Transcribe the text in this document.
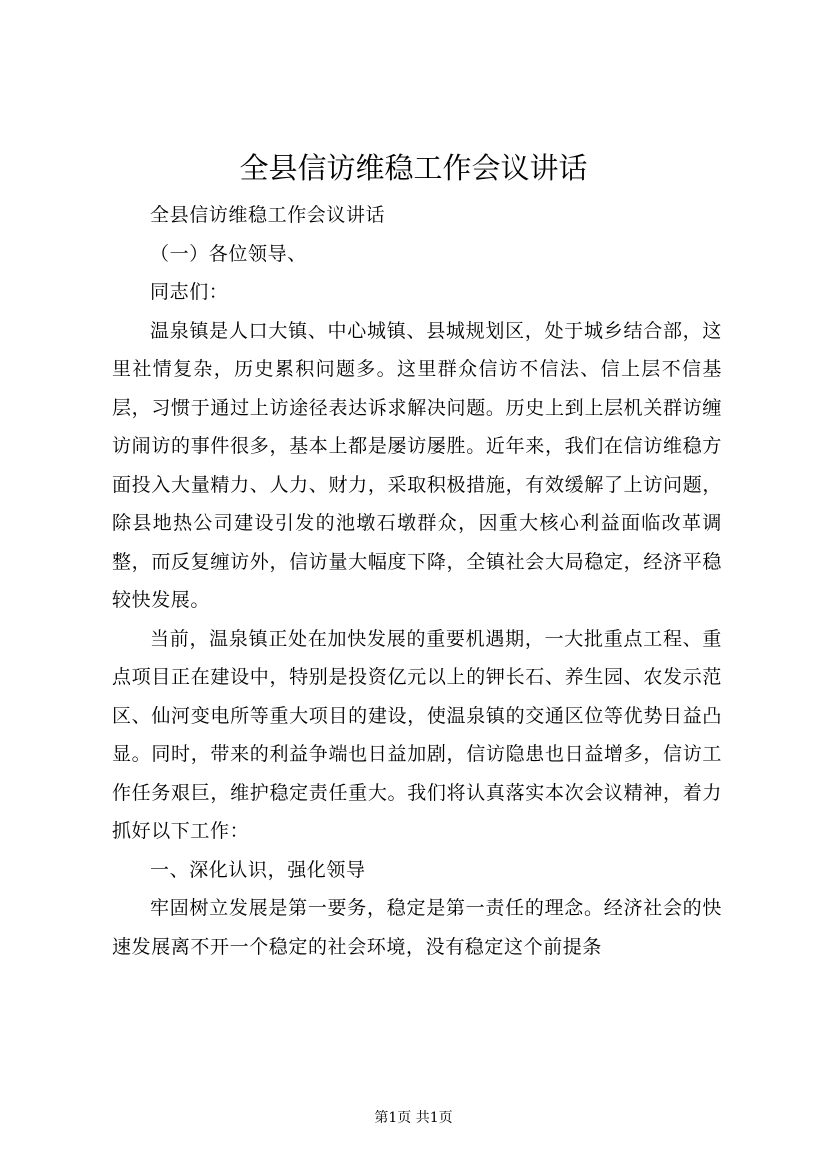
全县信访维稳工作会议讲话

全县信访维稳工作会议讲话

（一）各位领导、

同志们：

温泉镇是人口大镇、中心城镇、县城规划区，处于城乡结合部，这里社情复杂，历史累积问题多。这里群众信访不信法、信上层不信基层，习惯于通过上访途径表达诉求解决问题。历史上到上层机关群访缠访闹访的事件很多，基本上都是屡访屡胜。近年来，我们在信访维稳方面投入大量精力、人力、财力，采取积极措施，有效缓解了上访问题，除县地热公司建设引发的池墩石墩群众，因重大核心利益面临改革调整，而反复缠访外，信访量大幅度下降，全镇社会大局稳定，经济平稳较快发展。

当前，温泉镇正处在加快发展的重要机遇期，一大批重点工程、重点项目正在建设中，特别是投资亿元以上的钾长石、养生园、农发示范区、仙河变电所等重大项目的建设，使温泉镇的交通区位等优势日益凸显。同时，带来的利益争端也日益加剧，信访隐患也日益增多，信访工作任务艰巨，维护稳定责任重大。我们将认真落实本次会议精神，着力抓好以下工作：

一、深化认识，强化领导

牢固树立发展是第一要务，稳定是第一责任的理念。经济社会的快速发展离不开一个稳定的社会环境，没有稳定这个前提条

第1页 共1页
